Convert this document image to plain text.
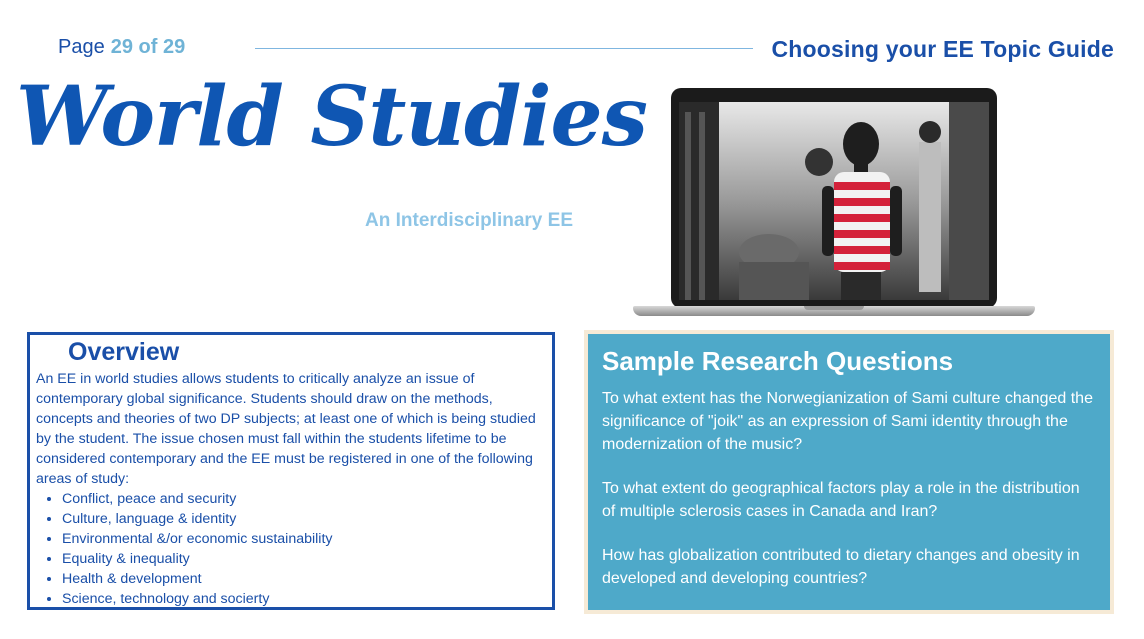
Page 29 of 29	Choosing your EE Topic Guide
World Studies
An Interdisciplinary EE
Overview

An EE in world studies allows students to critically analyze an issue of contemporary global significance. Students should draw on the methods, concepts and theories of two DP subjects; at least one of which is being studied by the student. The issue chosen must fall within the students lifetime to be considered contemporary and the EE must be registered in one of the following areas of study:

• Conflict, peace and security
• Culture, language & identity
• Environmental &/or economic sustainability
• Equality & inequality
• Health & development
• Science, technology and socierty
Sample Research Questions

To what extent has the Norwegianization of Sami culture changed the significance of "joik" as an expression of Sami identity through the modernization of the music?

To what extent do geographical factors play a role in the distribution of multiple sclerosis cases in Canada and Iran?

How has globalization contributed to dietary changes and obesity in developed and developing countries?
